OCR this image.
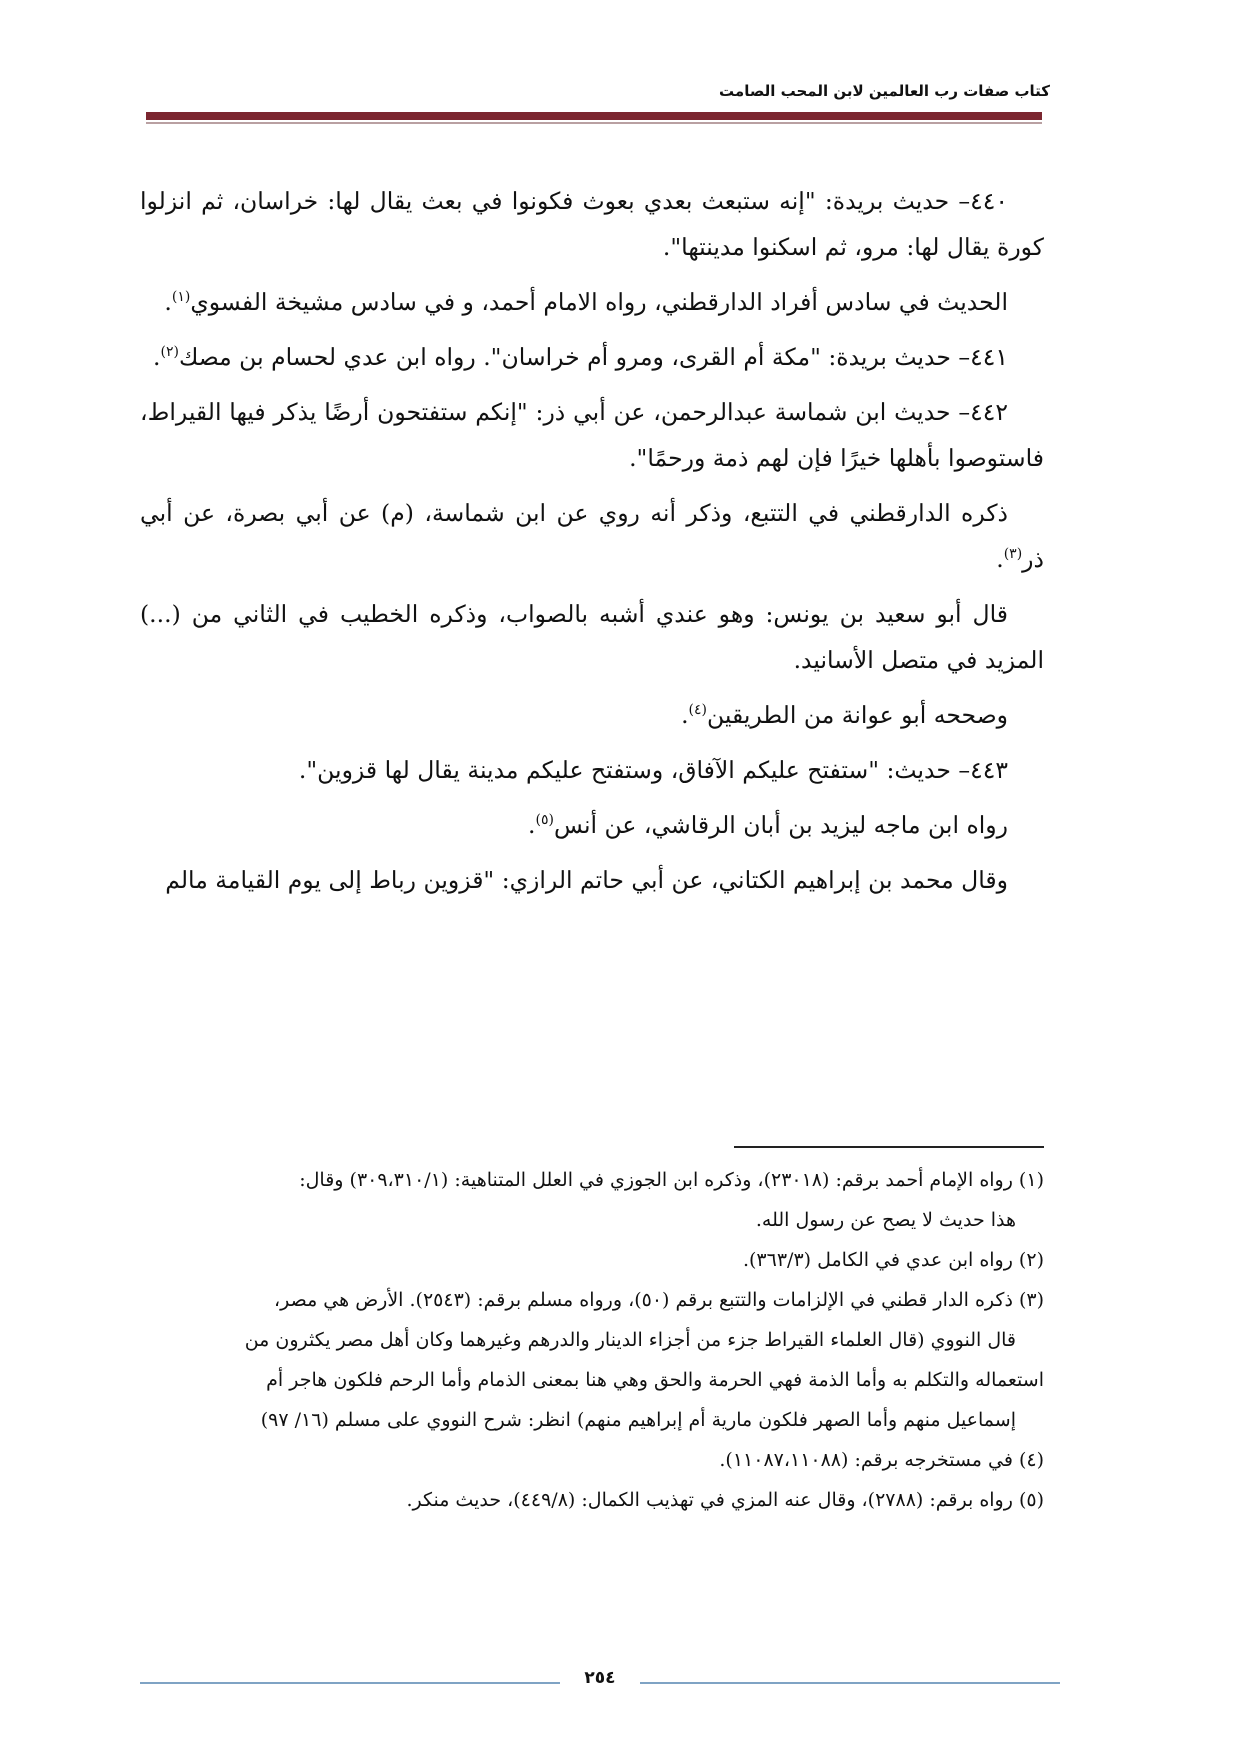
كتاب صفات رب العالمين لابن المحب الصامت

٤٤٠– حديث بريدة: "إنه ستبعث بعدي بعوث فكونوا في بعث يقال لها: خراسان، ثم انزلوا كورة يقال لها: مرو، ثم اسكنوا مدينتها".

الحديث في سادس أفراد الدارقطني، رواه الامام أحمد، و في سادس مشيخة الفسوي$^{(١)}$.

٤٤١– حديث بريدة: "مكة أم القرى، ومرو أم خراسان". رواه ابن عدي لحسام بن مصك$^{(٢)}$.

٤٤٢– حديث ابن شماسة عبدالرحمن، عن أبي ذر: "إنكم ستفتحون أرضًا يذكر فيها القيراط، فاستوصوا بأهلها خيرًا فإن لهم ذمة ورحمًا".

ذكره الدارقطني في التتبع، وذكر أنه روي عن ابن شماسة، (م) عن أبي بصرة، عن أبي ذر$^{(٣)}$.

قال أبو سعيد بن يونس: وهو عندي أشبه بالصواب، وذكره الخطيب في الثاني من (...) المزيد في متصل الأسانيد.

وصححه أبو عوانة من الطريقين$^{(٤)}$.

٤٤٣– حديث: "ستفتح عليكم الآفاق، وستفتح عليكم مدينة يقال لها قزوين".

رواه ابن ماجه ليزيد بن أبان الرقاشي، عن أنس$^{(٥)}$.

وقال محمد بن إبراهيم الكتاني، عن أبي حاتم الرازي: "قزوين رباط إلى يوم القيامة مالم

(١) رواه الإمام أحمد برقم: (٢٣٠١٨)، وذكره ابن الجوزي في العلل المتناهية: (٣٠٩،٣١٠/١) وقال:

هذا حديث لا يصح عن رسول الله.

(٢) رواه ابن عدي في الكامل (٣٦٣/٣).

(٣) ذكره الدار قطني في الإلزامات والتتبع برقم (٥٠)، ورواه مسلم برقم: (٢٥٤٣). الأرض هي مصر،

قال النووي (قال العلماء القيراط جزء من أجزاء الدينار والدرهم وغيرهما وكان أهل مصر يكثرون من

استعماله والتكلم به وأما الذمة فهي الحرمة والحق وهي هنا بمعنى الذمام وأما الرحم فلكون هاجر أم

إسماعيل منهم وأما الصهر فلكون مارية أم إبراهيم منهم) انظر: شرح النووي على مسلم (١٦/ ٩٧)

(٤) في مستخرجه برقم: (١١٠٨٧،١١٠٨٨).

(٥) رواه برقم: (٢٧٨٨)، وقال عنه المزي في تهذيب الكمال: (٤٤٩/٨)، حديث منكر.

٢٥٤
